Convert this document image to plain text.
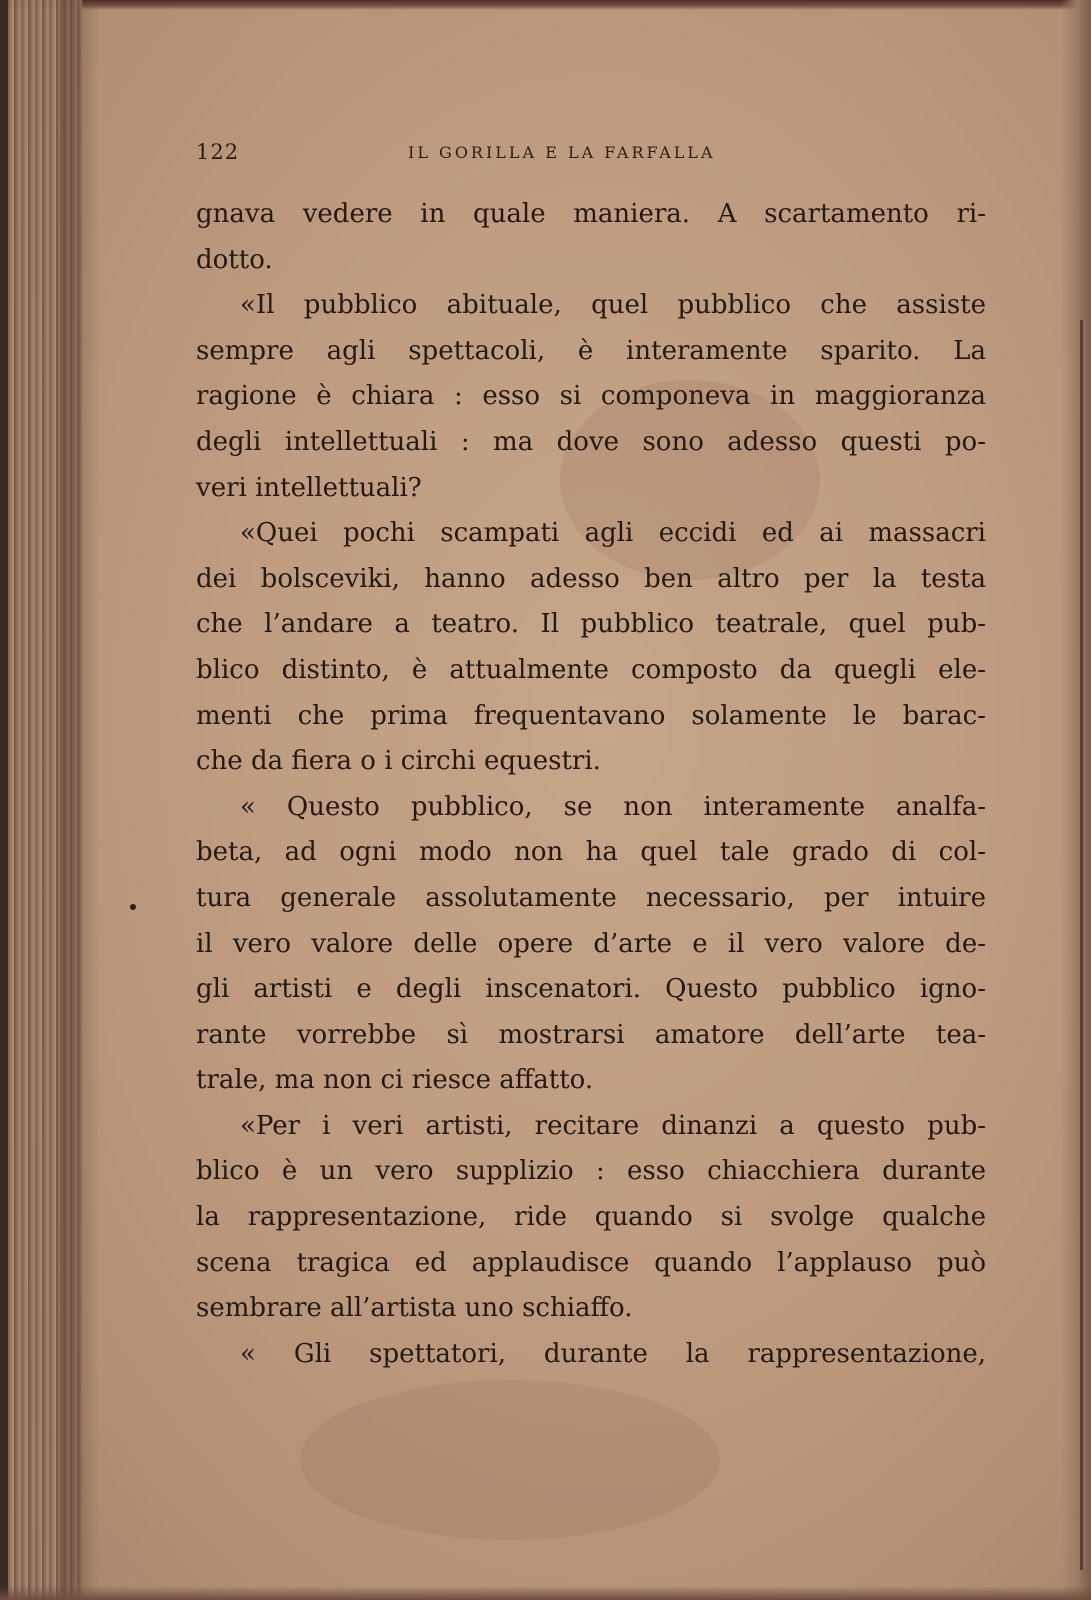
122	IL GORILLA E LA FARFALLA
gnava vedere in quale maniera. A scartamento ri-
dotto.
«Il pubblico abituale, quel pubblico che assiste
sempre agli spettacoli, è interamente sparito. La
ragione è chiara : esso si componeva in maggioranza
degli intellettuali : ma dove sono adesso questi po-
veri intellettuali?
«Quei pochi scampati agli eccidi ed ai massacri
dei bolsceviki, hanno adesso ben altro per la testa
che l’andare a teatro. Il pubblico teatrale, quel pub-
blico distinto, è attualmente composto da quegli ele-
menti che prima frequentavano solamente le barac-
che da fiera o i circhi equestri.
« Questo pubblico, se non interamente analfa-
beta, ad ogni modo non ha quel tale grado di col-
tura generale assolutamente necessario, per intuire
il vero valore delle opere d’arte e il vero valore de-
gli artisti e degli inscenatori. Questo pubblico igno-
rante vorrebbe sì mostrarsi amatore dell’arte tea-
trale, ma non ci riesce affatto.
«Per i veri artisti, recitare dinanzi a questo pub-
blico è un vero supplizio : esso chiacchiera durante
la rappresentazione, ride quando si svolge qualche
scena tragica ed applaudisce quando l’applauso può
sembrare all’artista uno schiaffo.
« Gli spettatori, durante la rappresentazione,
